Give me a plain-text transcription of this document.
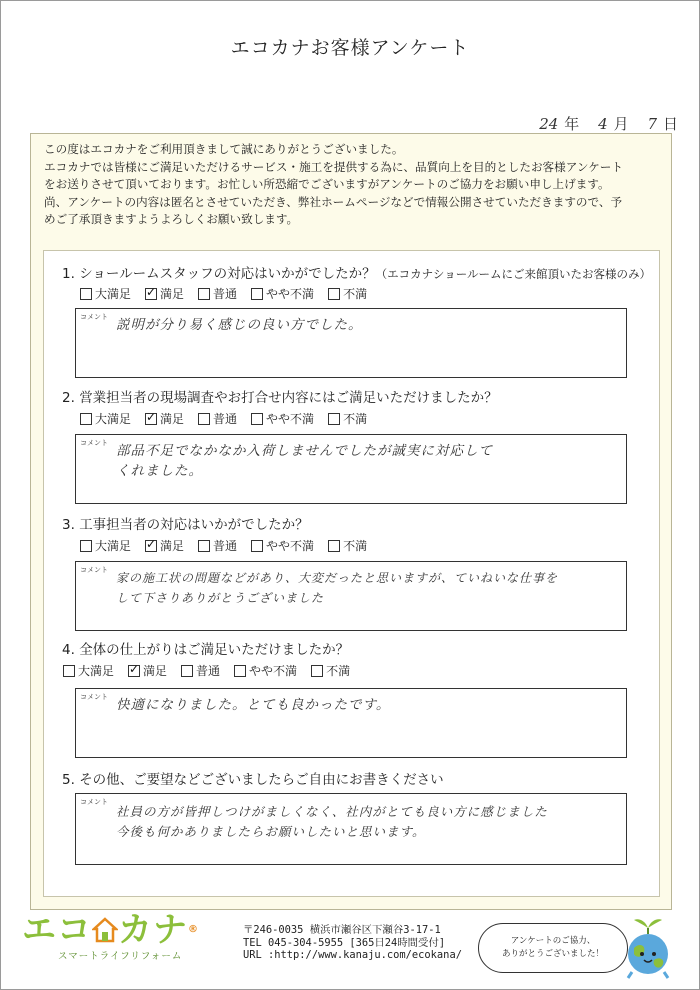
エコカナお客様アンケート
24 年 4 月 7 日
この度はエコカナをご利用頂きまして誠にありがとうございました。
エコカナでは皆様にご満足いただけるサービス・施工を提供する為に、品質向上を目的としたお客様アンケート
をお送りさせて頂いております。お忙しい所恐縮でございますがアンケートのご協力をお願い申し上げます。
尚、アンケートの内容は匿名とさせていただき、弊社ホームページなどで情報公開させていただきますので、予
めご了承頂きますようよろしくお願い致します。
1. ショールームスタッフの対応はいかがでしたか？（エコカナショールームにご来館頂いたお客様のみ）
大満足 ✓ 満足 普通 やや不満 不満
コメント 説明が分り易く感じの良い方でした。
2. 営業担当者の現場調査やお打合せ内容にはご満足いただけましたか？
大満足 ✓ 満足 普通 やや不満 不満
コメント 部品不足でなかなか入荷しませんでしたが誠実に対応して
くれました。
3. 工事担当者の対応はいかがでしたか？
大満足 ✓ 満足 普通 やや不満 不満
コメント
家の施工状の問題などがあり、大変だったと思いますが、ていねいな仕事を
して下さりありがとうございました
4. 全体の仕上がりはご満足いただけましたか？
大満足 ✓ 満足 普通 やや不満 不満
コメント 快適になりました。とても良かったです。
5. その他、ご要望などございましたらご自由にお書きください
コメント
社員の方が皆押しつけがましくなく、社内がとても良い方に感じました
今後も何かありましたらお願いしたいと思います。
エコ カナ®
スマートライフリフォーム
〒246-0035 横浜市瀬谷区下瀬谷3-17-1
TEL 045-304-5955 [365日24時間受付]
URL :http://www.kanaju.com/ecokana/
アンケートのご協力、
ありがとうございました！
